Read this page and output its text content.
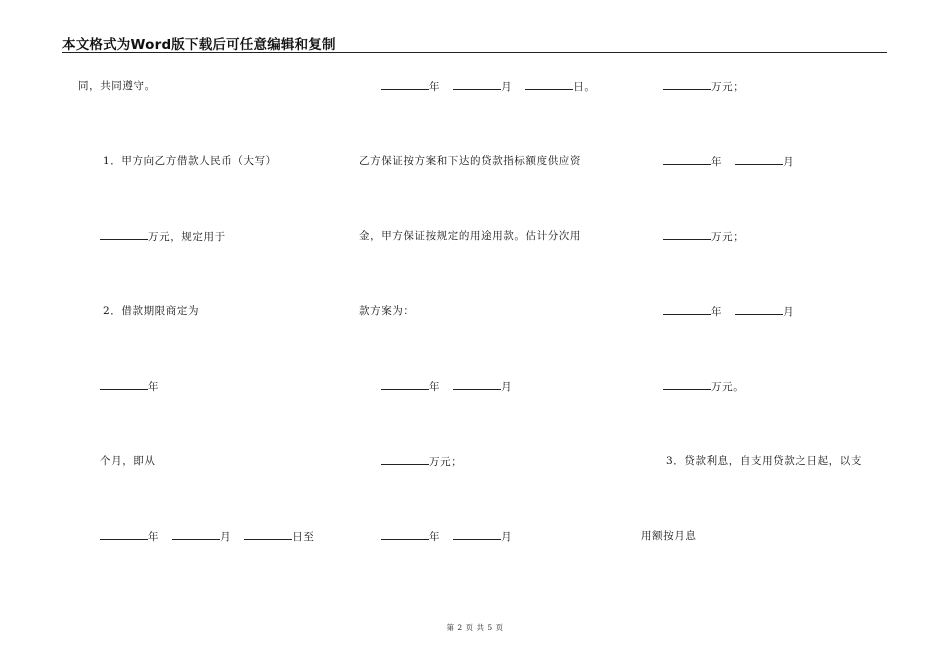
本文格式为Word版下载后可任意编辑和复制
同，共同遵守。
1．甲方向乙方借款人民币（大写）
万元，规定用于
2．借款期限商定为
年
个月，即从
年	月	日至
年	月	日。
乙方保证按方案和下达的贷款指标额度供应资
金，甲方保证按规定的用途用款。估计分次用
款方案为：
年	月
万元；
年	月
万元；
年	月
万元；
年	月
万元。
3．贷款利息，自支用贷款之日起，以支
用额按月息
第 2 页 共 5 页
